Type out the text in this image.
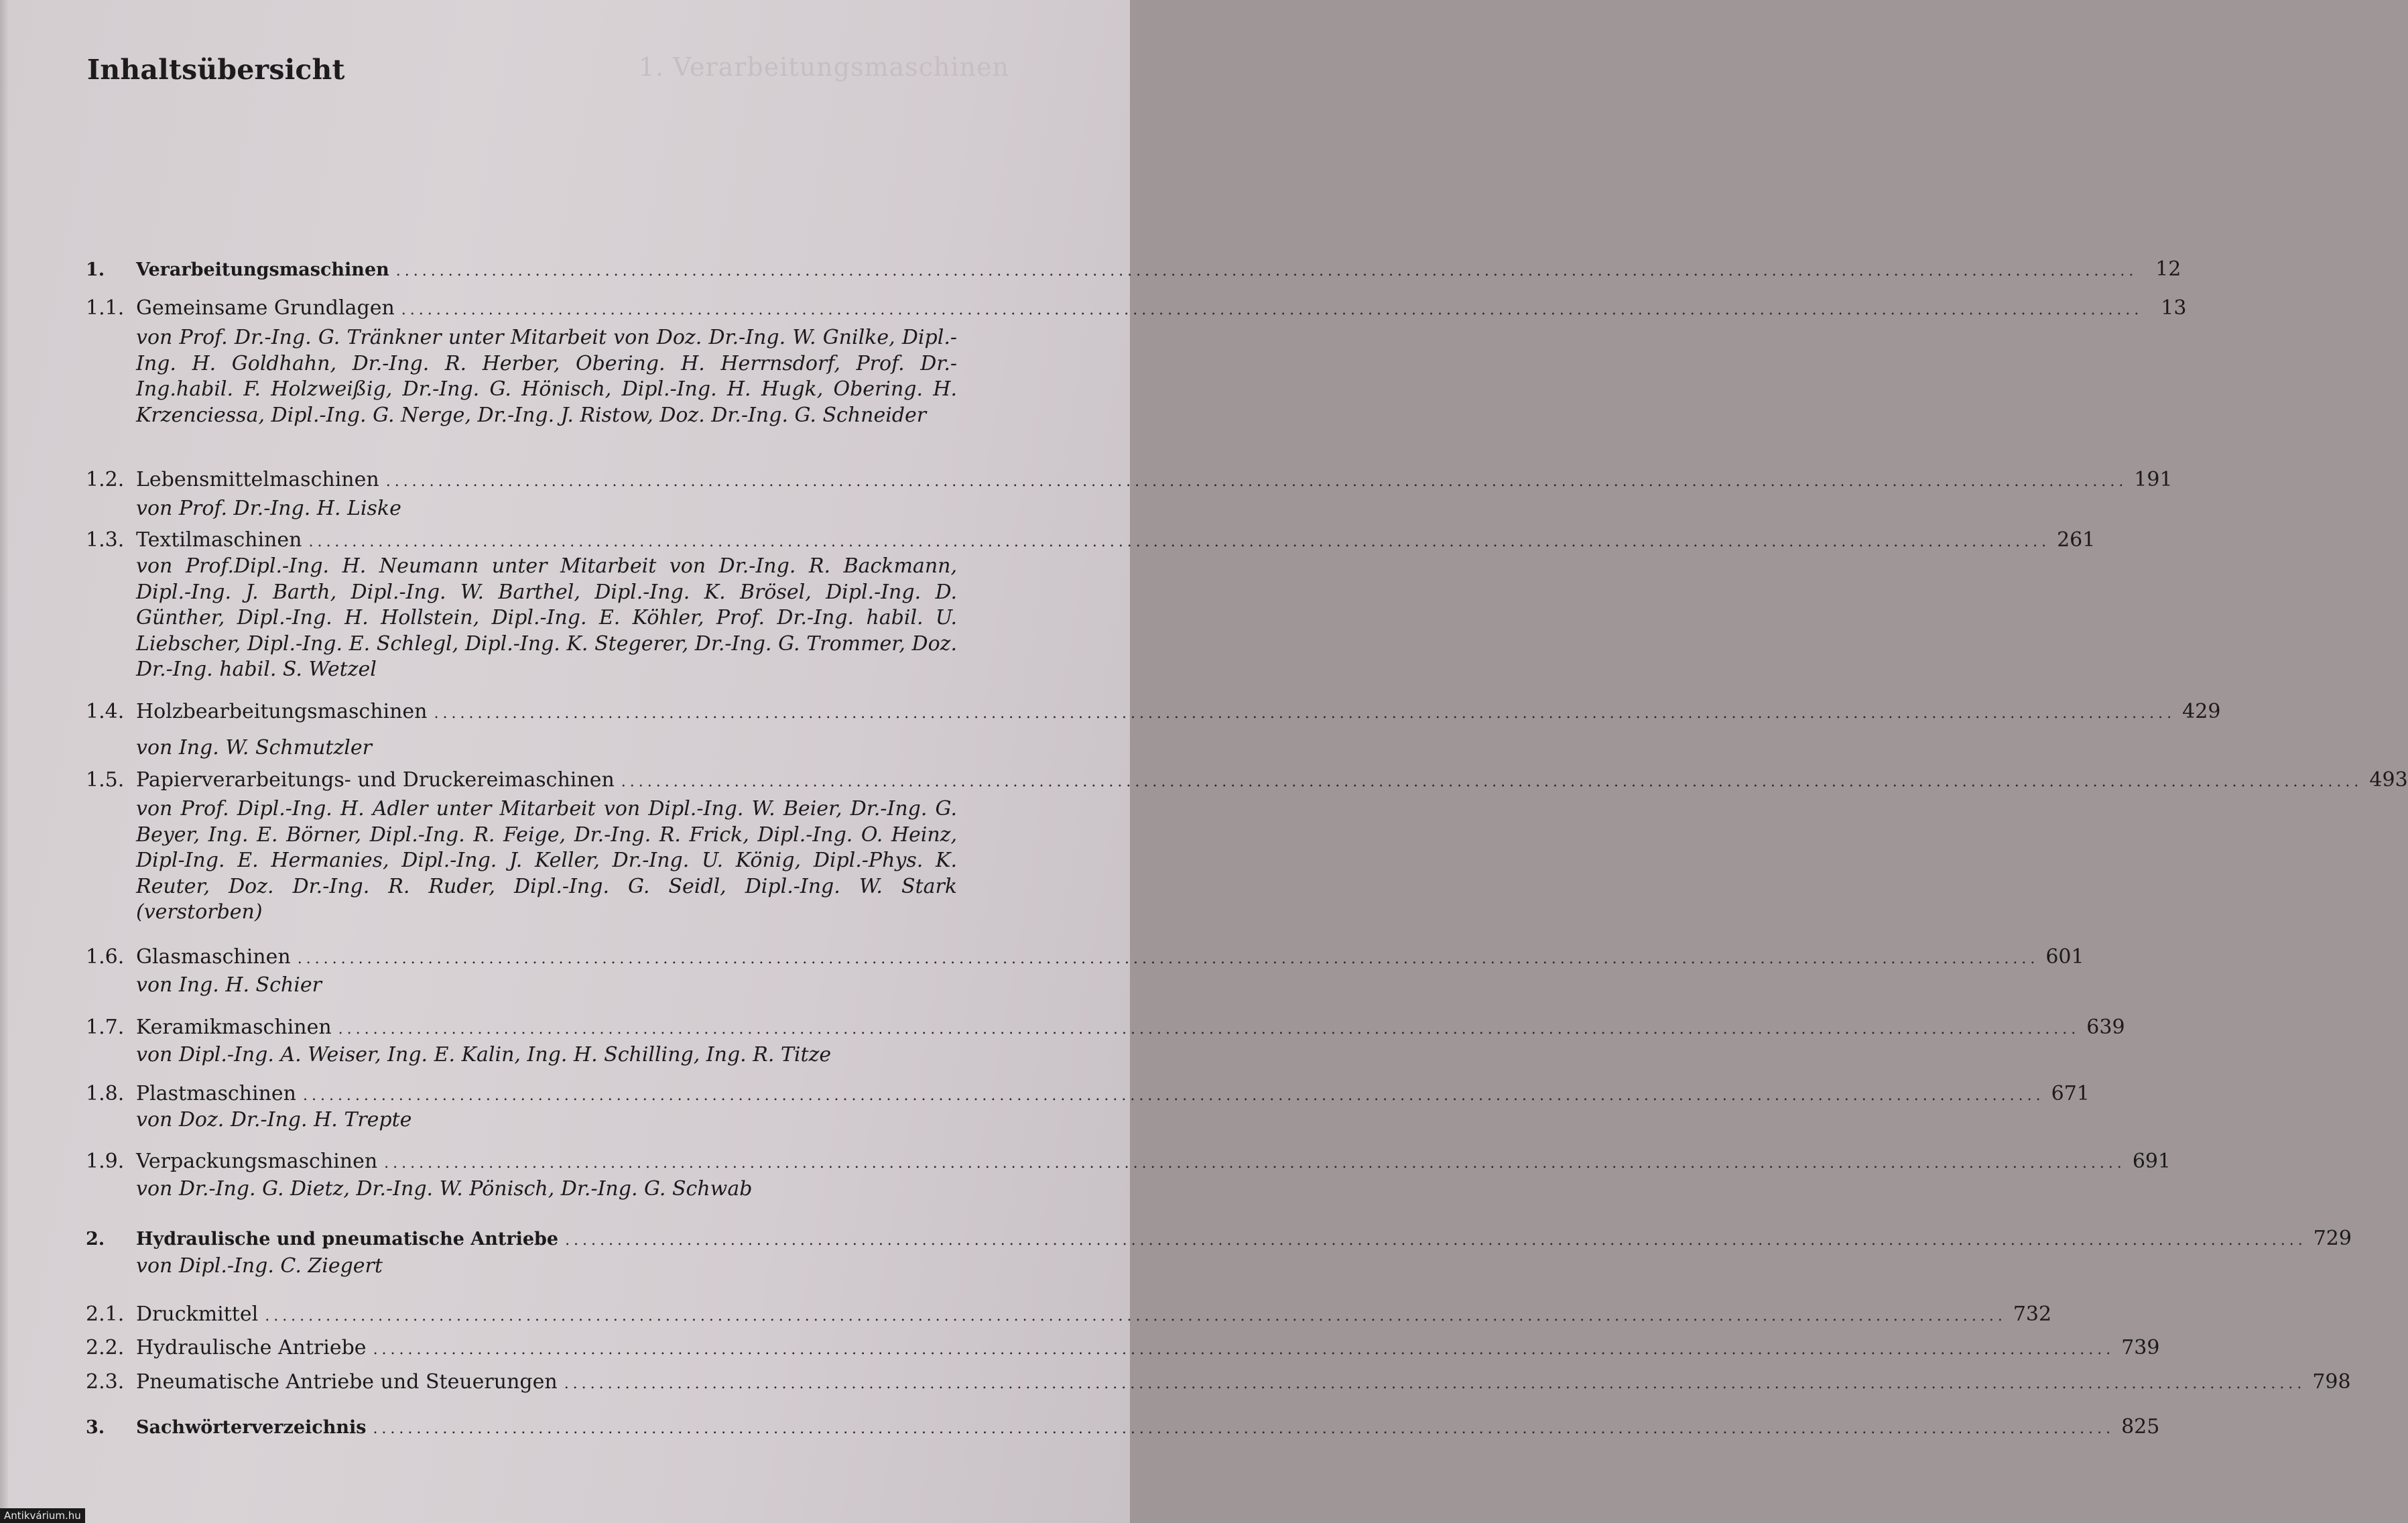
1. Verarbeitungsmaschinen
Inhaltsübersicht
1.	Verarbeitungsmaschinen ........................................................................................................................................................................................................ 12
1.1. Gemeinsame Grundlagen ........................................................................................................................................................................................................ 13
von Prof. Dr.-Ing. G. Tränkner unter Mitarbeit von Doz. Dr.-Ing. W. Gnilke, Dipl.-Ing. H. Goldhahn, Dr.-Ing. R. Herber, Obering. H. Herrnsdorf, Prof. Dr.-Ing.habil. F. Holzweißig, Dr.-Ing. G. Hönisch, Dipl.-Ing. H. Hugk, Obering. H. Krzenciessa, Dipl.-Ing. G. Nerge, Dr.-Ing. J. Ristow, Doz. Dr.-Ing. G. Schneider
1.2. Lebensmittelmaschinen ........................................................................................................................................................................................................ 191
von Prof. Dr.-Ing. H. Liske
1.3. Textilmaschinen ........................................................................................................................................................................................................ 261
von Prof.Dipl.-Ing. H. Neumann unter Mitarbeit von Dr.-Ing. R. Backmann, Dipl.-Ing. J. Barth, Dipl.-Ing. W. Barthel, Dipl.-Ing. K. Brösel, Dipl.-Ing. D. Günther, Dipl.-Ing. H. Hollstein, Dipl.-Ing. E. Köhler, Prof. Dr.-Ing. habil. U. Liebscher, Dipl.-Ing. E. Schlegl, Dipl.-Ing. K. Stegerer, Dr.-Ing. G. Trommer, Doz. Dr.-Ing. habil. S. Wetzel
1.4. Holzbearbeitungsmaschinen ........................................................................................................................................................................................................ 429
von Ing. W. Schmutzler
1.5. Papierverarbeitungs- und Druckereimaschinen ........................................................................................................................................................................................................ 493
von Prof. Dipl.-Ing. H. Adler unter Mitarbeit von Dipl.-Ing. W. Beier, Dr.-Ing. G. Beyer, Ing. E. Börner, Dipl.-Ing. R. Feige, Dr.-Ing. R. Frick, Dipl.-Ing. O. Heinz, Dipl-Ing. E. Hermanies, Dipl.-Ing. J. Keller, Dr.-Ing. U. König, Dipl.-Phys. K. Reuter, Doz. Dr.-Ing. R. Ruder, Dipl.-Ing. G. Seidl, Dipl.-Ing. W. Stark (verstorben)
1.6. Glasmaschinen ........................................................................................................................................................................................................ 601
von Ing. H. Schier
1.7. Keramikmaschinen ........................................................................................................................................................................................................ 639
von Dipl.-Ing. A. Weiser, Ing. E. Kalin, Ing. H. Schilling, Ing. R. Titze
1.8. Plastmaschinen ........................................................................................................................................................................................................ 671
von Doz. Dr.-Ing. H. Trepte
1.9. Verpackungsmaschinen ........................................................................................................................................................................................................ 691
von Dr.-Ing. G. Dietz, Dr.-Ing. W. Pönisch, Dr.-Ing. G. Schwab
2.	Hydraulische und pneumatische Antriebe ........................................................................................................................................................................................................ 729
von Dipl.-Ing. C. Ziegert
2.1. Druckmittel ........................................................................................................................................................................................................ 732
2.2. Hydraulische Antriebe ........................................................................................................................................................................................................ 739
2.3. Pneumatische Antriebe und Steuerungen ........................................................................................................................................................................................................ 798
3.	Sachwörterverzeichnis ........................................................................................................................................................................................................ 825
Antikvárium.hu
